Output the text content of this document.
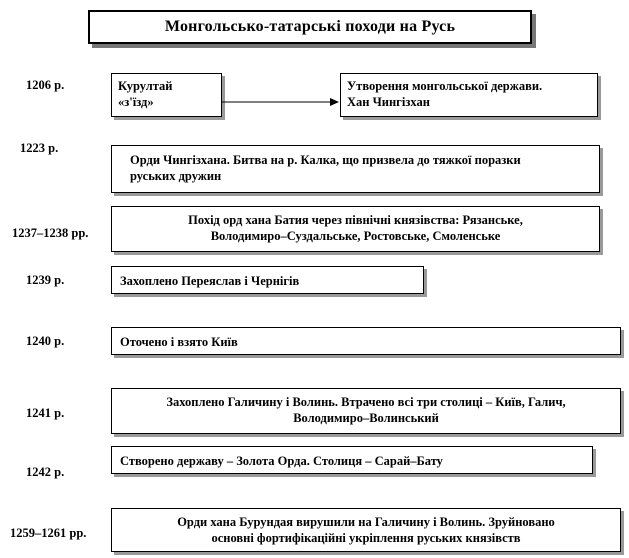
Монгольсько-татарські походи на Русь
1206 р.	Курултай
«з'їзд»
Утворення монгольської держави.
Хан Чингізхан
1223 р.
Орди Чингізхана. Битва на р. Калка, що призвела до тяжкої поразки
руських дружин
1237–1238 рр.
Похід орд хана Батия через північні князівства: Рязанське,
Володимиро–Суздальське, Ростовське, Смоленське
1239 р.	Захоплено Переяслав і Чернігів
1240 р.	Оточено і взято Київ
1241 р.
Захоплено Галичину і Волинь. Втрачено всі три столиці – Київ, Галич,
Володимиро–Волинський
1242 р.
Створено державу – Золота Орда. Столиця – Сарай–Бату
1259–1261 рр.
Орди хана Бурундая вирушили на Галичину і Волинь. Зруйновано
основні фортифікаційні укріплення руських князівств
